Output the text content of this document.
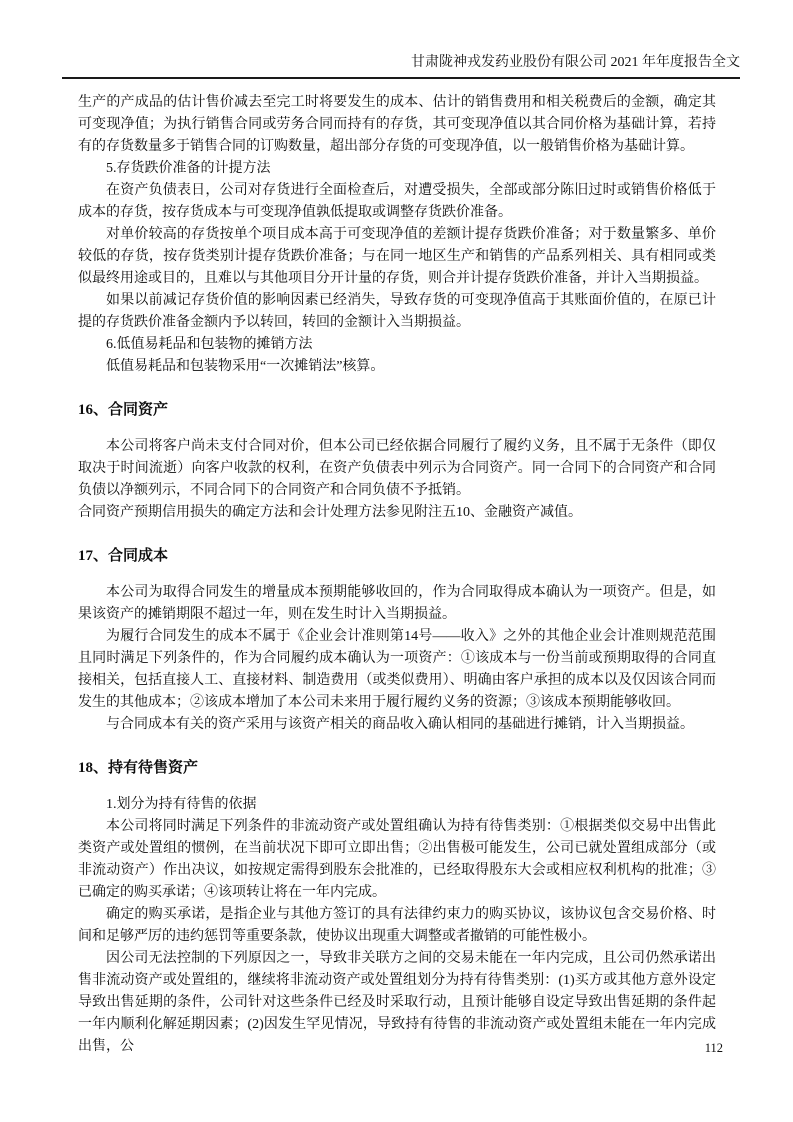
甘肃陇神戎发药业股份有限公司 2021 年年度报告全文

生产的产成品的估计售价减去至完工时将要发生的成本、估计的销售费用和相关税费后的金额，确定其可变现净值；为执行销售合同或劳务合同而持有的存货，其可变现净值以其合同价格为基础计算，若持有的存货数量多于销售合同的订购数量，超出部分存货的可变现净值，以一般销售价格为基础计算。

5.存货跌价准备的计提方法

在资产负债表日，公司对存货进行全面检查后，对遭受损失，全部或部分陈旧过时或销售价格低于成本的存货，按存货成本与可变现净值孰低提取或调整存货跌价准备。

对单价较高的存货按单个项目成本高于可变现净值的差额计提存货跌价准备；对于数量繁多、单价较低的存货，按存货类别计提存货跌价准备；与在同一地区生产和销售的产品系列相关、具有相同或类似最终用途或目的，且难以与其他项目分开计量的存货，则合并计提存货跌价准备，并计入当期损益。

如果以前减记存货价值的影响因素已经消失，导致存货的可变现净值高于其账面价值的，在原已计提的存货跌价准备金额内予以转回，转回的金额计入当期损益。

6.低值易耗品和包装物的摊销方法

低值易耗品和包装物采用“一次摊销法”核算。

16、合同资产

本公司将客户尚未支付合同对价，但本公司已经依据合同履行了履约义务，且不属于无条件（即仅取决于时间流逝）向客户收款的权利，在资产负债表中列示为合同资产。同一合同下的合同资产和合同负债以净额列示，不同合同下的合同资产和合同负债不予抵销。

合同资产预期信用损失的确定方法和会计处理方法参见附注五10、金融资产减值。

17、合同成本

本公司为取得合同发生的增量成本预期能够收回的，作为合同取得成本确认为一项资产。但是，如果该资产的摊销期限不超过一年，则在发生时计入当期损益。

为履行合同发生的成本不属于《企业会计准则第14号——收入》之外的其他企业会计准则规范范围且同时满足下列条件的，作为合同履约成本确认为一项资产：①该成本与一份当前或预期取得的合同直接相关，包括直接人工、直接材料、制造费用（或类似费用）、明确由客户承担的成本以及仅因该合同而发生的其他成本；②该成本增加了本公司未来用于履行履约义务的资源；③该成本预期能够收回。

与合同成本有关的资产采用与该资产相关的商品收入确认相同的基础进行摊销，计入当期损益。

18、持有待售资产

1.划分为持有待售的依据

本公司将同时满足下列条件的非流动资产或处置组确认为持有待售类别：①根据类似交易中出售此类资产或处置组的惯例，在当前状况下即可立即出售；②出售极可能发生，公司已就处置组成部分（或非流动资产）作出决议，如按规定需得到股东会批准的，已经取得股东大会或相应权利机构的批准；③已确定的购买承诺；④该项转让将在一年内完成。

确定的购买承诺，是指企业与其他方签订的具有法律约束力的购买协议，该协议包含交易价格、时间和足够严厉的违约惩罚等重要条款，使协议出现重大调整或者撤销的可能性极小。

因公司无法控制的下列原因之一，导致非关联方之间的交易未能在一年内完成，且公司仍然承诺出售非流动资产或处置组的，继续将非流动资产或处置组划分为持有待售类别：(1)买方或其他方意外设定导致出售延期的条件，公司针对这些条件已经及时采取行动，且预计能够自设定导致出售延期的条件起一年内顺利化解延期因素；(2)因发生罕见情况，导致持有待售的非流动资产或处置组未能在一年内完成出售，公	112
